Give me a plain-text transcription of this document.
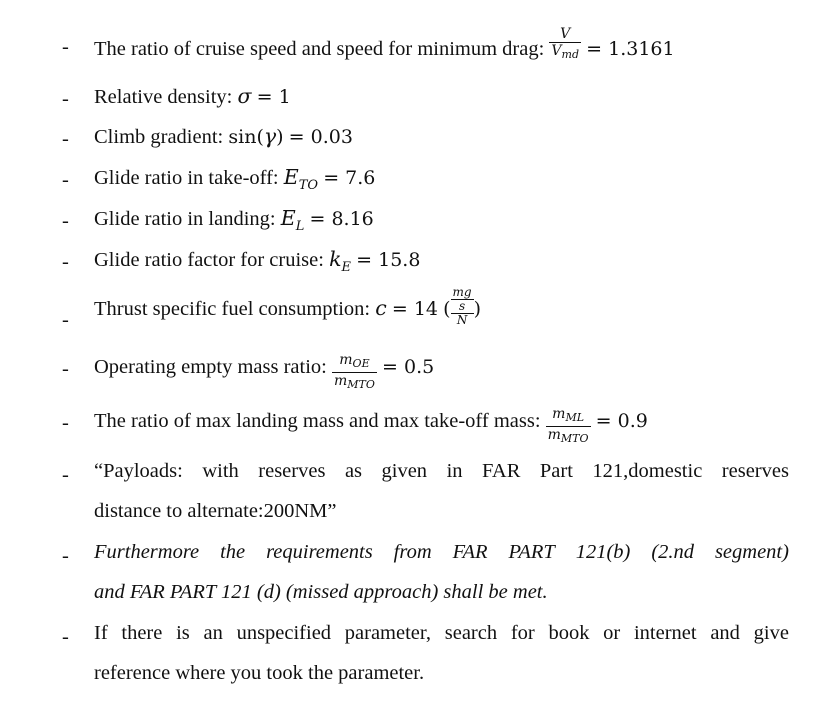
- The ratio of cruise speed and speed for minimum drag: $\frac{V}{V_{md}} = 1.3161$
- Relative density: σ = 1
- Climb gradient: sin(γ) = 0.03
- Glide ratio in take-off: $E_{TO} = 7.6$
- Glide ratio in landing: $E_L = 8.16$
- Glide ratio factor for cruise: $k_E = 15.8$
- Thrust specific fuel consumption: c = 14 (
mg
s
N )
- Operating empty mass ratio: $\frac{m_{OE}}{m_{MTO}} = 0.5$
- The ratio of max landing mass and max take-off mass: $\frac{m_{ML}}{m_{MTO}} = 0.9$
- “Payloads: with reserves as given in FAR Part 121,domestic reserves
distance to alternate:200NM”
- Furthermore the requirements from FAR PART 121(b) (2.nd segment)
and FAR PART 121 (d) (missed approach) shall be met.
- If there is an unspecified parameter, search for book or internet and give
reference where you took the parameter.
